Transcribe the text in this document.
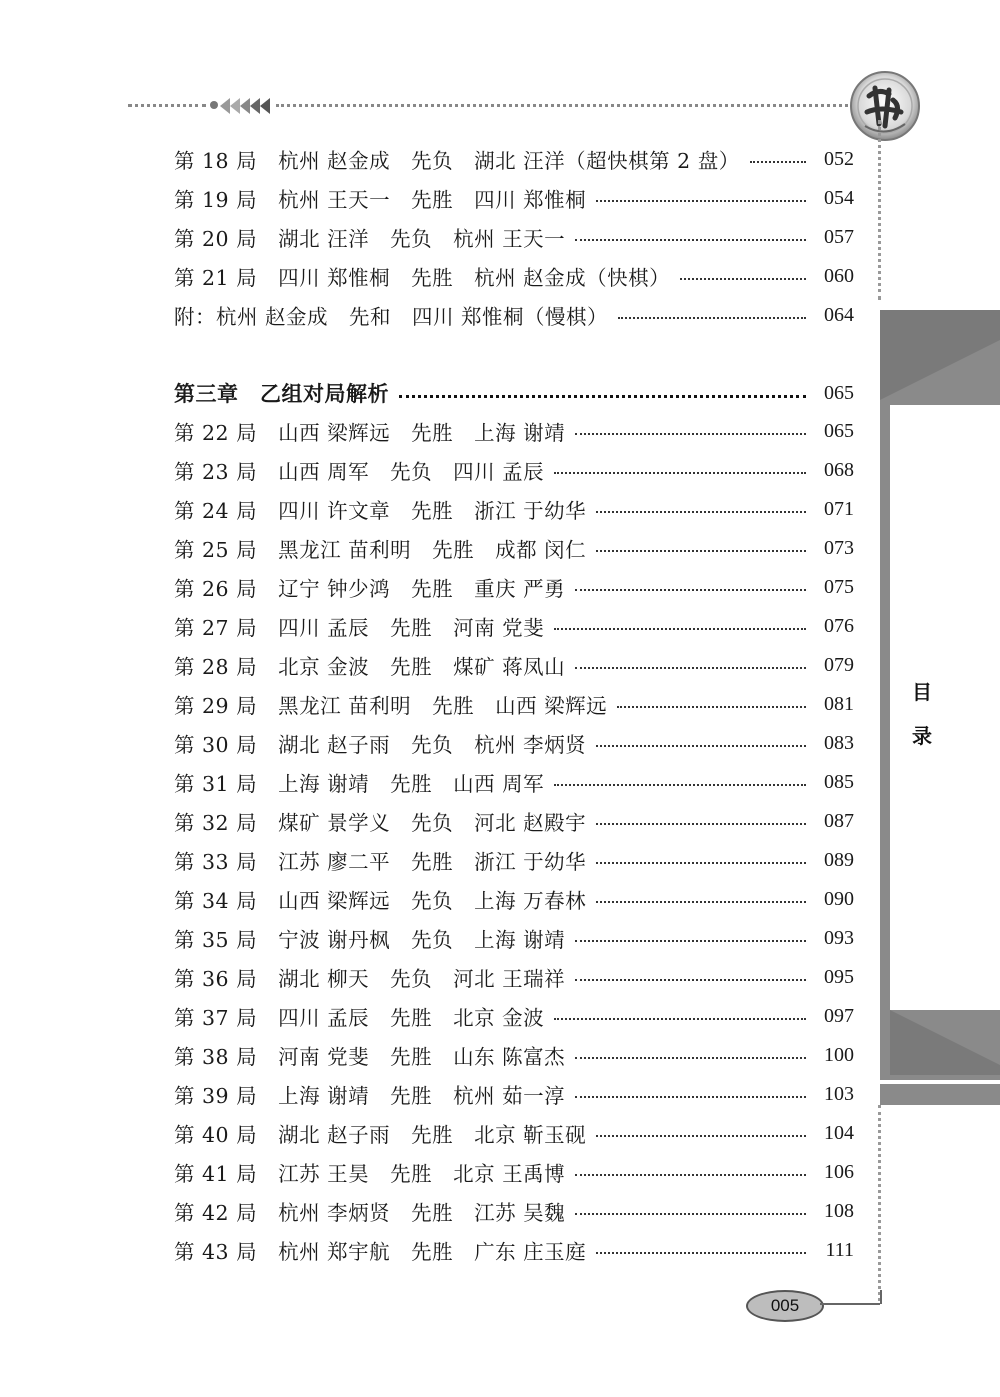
目
录
第 18 局　杭州 赵金成　先负　湖北 汪洋（超快棋第 2 盘）	052
第 19 局　杭州 王天一　先胜　四川 郑惟桐	054
第 20 局　湖北 汪洋　先负　杭州 王天一	057
第 21 局　四川 郑惟桐　先胜　杭州 赵金成（快棋）	060
附：杭州 赵金成　先和　四川 郑惟桐（慢棋）	064
第三章　乙组对局解析	065
第 22 局　山西 梁辉远　先胜　上海 谢靖	065
第 23 局　山西 周军　先负　四川 孟辰	068
第 24 局　四川 许文章　先胜　浙江 于幼华	071
第 25 局　黑龙江 苗利明　先胜　成都 闵仁	073
第 26 局　辽宁 钟少鸿　先胜　重庆 严勇	075
第 27 局　四川 孟辰　先胜　河南 党斐	076
第 28 局　北京 金波　先胜　煤矿 蒋凤山	079
第 29 局　黑龙江 苗利明　先胜　山西 梁辉远	081
第 30 局　湖北 赵子雨　先负　杭州 李炳贤	083
第 31 局　上海 谢靖　先胜　山西 周军	085
第 32 局　煤矿 景学义　先负　河北 赵殿宇	087
第 33 局　江苏 廖二平　先胜　浙江 于幼华	089
第 34 局　山西 梁辉远　先负　上海 万春林	090
第 35 局　宁波 谢丹枫　先负　上海 谢靖	093
第 36 局　湖北 柳天　先负　河北 王瑞祥	095
第 37 局　四川 孟辰　先胜　北京 金波	097
第 38 局　河南 党斐　先胜　山东 陈富杰	100
第 39 局　上海 谢靖　先胜　杭州 茹一淳	103
第 40 局　湖北 赵子雨　先胜　北京 靳玉砚	104
第 41 局　江苏 王昊　先胜　北京 王禹博	106
第 42 局　杭州 李炳贤　先胜　江苏 吴魏	108
第 43 局　杭州 郑宇航　先胜　广东 庄玉庭	111
005
